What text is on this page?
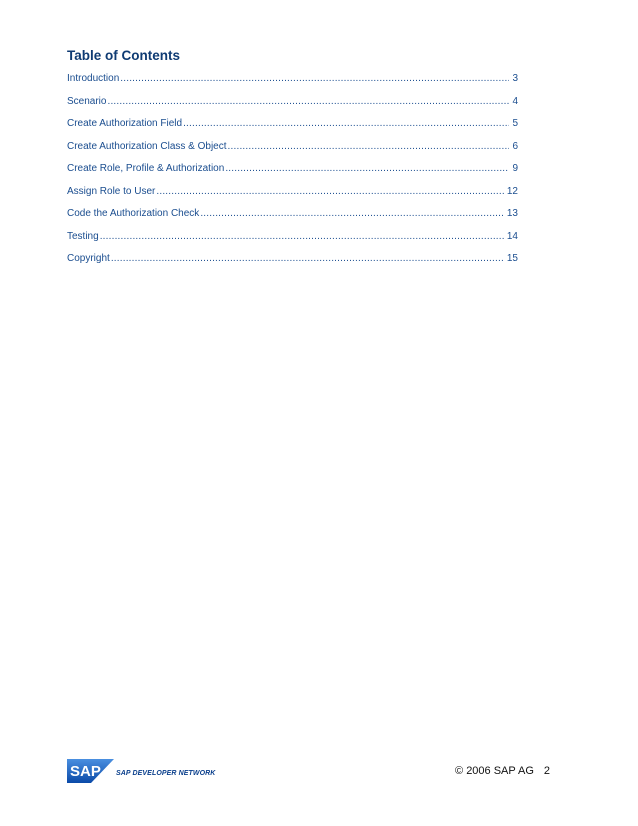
Table of Contents
Introduction .....	3
Scenario .....	4
Create Authorization Field .....	5
Create Authorization Class & Object .....	6
Create Role, Profile & Authorization .....	9
Assign Role to User .....	12
Code the Authorization Check .....	13
Testing .....	14
Copyright .....	15
SAP SAP DEVELOPER NETWORK	© 2006 SAP AG 2
